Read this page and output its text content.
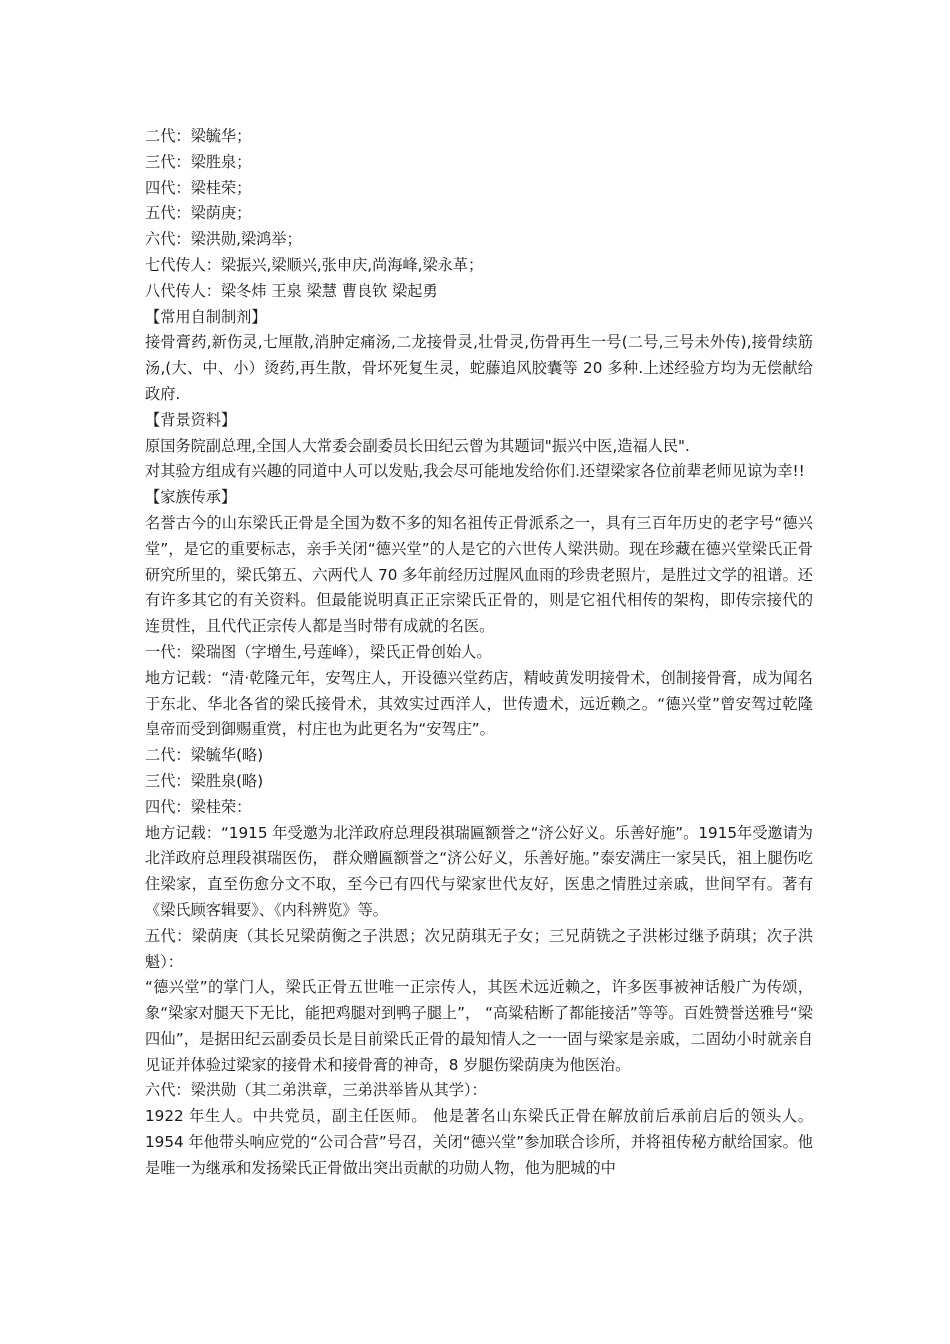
二代：梁毓华；
三代：梁胜泉；
四代：梁桂荣；
五代：梁荫庚；
六代：梁洪勋,梁鸿举；
七代传人：梁振兴,梁顺兴,张申庆,尚海峰,梁永革；
八代传人：梁冬炜 王泉 梁慧 曹良钦 梁起勇
【常用自制制剂】
接骨膏药,新伤灵,七厘散,消肿定痛汤,二龙接骨灵,壮骨灵,伤骨再生一号(二号,三号未外传),接骨续筋汤,(大、中、小）烫药,再生散，骨坏死复生灵，蛇藤追风胶囊等 20 多种.上述经验方均为无偿献给政府.
【背景资料】
原国务院副总理,全国人大常委会副委员长田纪云曾为其题词"振兴中医,造福人民".
对其验方组成有兴趣的同道中人可以发贴,我会尽可能地发给你们.还望梁家各位前辈老师见谅为幸!!
【家族传承】
名誉古今的山东梁氏正骨是全国为数不多的知名祖传正骨派系之一，具有三百年历史的老字号“德兴堂”，是它的重要标志，亲手关闭“德兴堂”的人是它的六世传人梁洪勋。现在珍藏在德兴堂梁氏正骨研究所里的，梁氏第五、六两代人 70 多年前经历过腥风血雨的珍贵老照片，是胜过文学的祖谱。还有许多其它的有关资料。但最能说明真正正宗梁氏正骨的，则是它祖代相传的架构，即传宗接代的连贯性，且代代正宗传人都是当时带有成就的名医。
一代：梁瑞图（字增生,号莲峰），梁氏正骨创始人。
地方记载：“清·乾隆元年，安驾庄人，开设德兴堂药店，精岐黄发明接骨术，创制接骨膏，成为闻名于东北、华北各省的梁氏接骨术，其效实过西洋人，世传遗术，远近赖之。“德兴堂”曾安驾过乾隆皇帝而受到御赐重赏，村庄也为此更名为“安驾庄”。
二代：梁毓华(略)
三代：梁胜泉(略)
四代：梁桂荣：
地方记载：“1915 年受邀为北洋政府总理段祺瑞匾额誉之“济公好义。乐善好施”。1915年受邀请为北洋政府总理段祺瑞医伤， 群众赠匾额誉之“济公好义，乐善好施。”泰安满庄一家吴氏，祖上腿伤吃住梁家，直至伤愈分文不取，至今已有四代与梁家世代友好，医患之情胜过亲戚，世间罕有。著有《梁氏顾客辑要》、《内科辨览》等。
五代：梁荫庚（其长兄梁荫衡之子洪恩；次兄荫琪无子女；三兄荫铣之子洪彬过继予荫琪；次子洪魁）：
“德兴堂”的掌门人，梁氏正骨五世唯一正宗传人，其医术远近赖之，许多医事被神话般广为传颂，象“梁家对腿天下无比，能把鸡腿对到鸭子腿上”， “高粱秸断了都能接活”等等。百姓赞誉送雅号“梁四仙”，是据田纪云副委员长是目前梁氏正骨的最知情人之一一固与梁家是亲戚，二固幼小时就亲自见证并体验过梁家的接骨术和接骨膏的神奇，8 岁腿伤梁荫庚为他医治。
六代：梁洪勋（其二弟洪章，三弟洪举皆从其学）：
1922 年生人。中共党员，副主任医师。 他是著名山东梁氏正骨在解放前后承前启后的领头人。1954 年他带头响应党的“公司合营”号召，关闭“德兴堂”参加联合诊所，并将祖传秘方献给国家。他是唯一为继承和发扬梁氏正骨做出突出贡献的功勋人物，他为肥城的中
